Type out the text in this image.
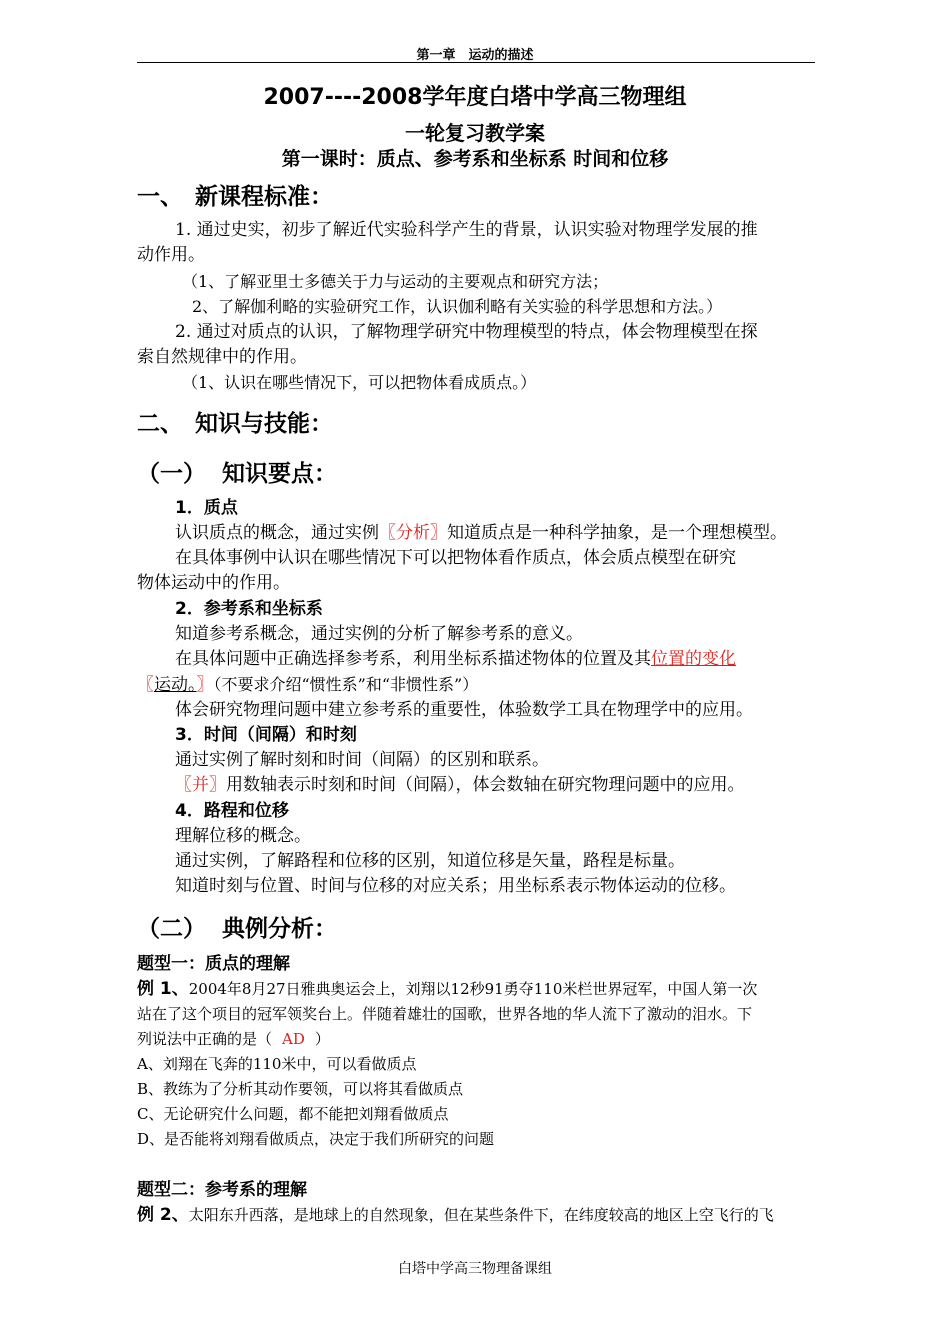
第一章　运动的描述
2007----2008学年度白塔中学高三物理组
一轮复习教学案
第一课时：质点、参考系和坐标系 时间和位移
一、 新课程标准：
1. 通过史实，初步了解近代实验科学产生的背景，认识实验对物理学发展的推
动作用。
（1、了解亚里士多德关于力与运动的主要观点和研究方法；
2、了解伽利略的实验研究工作，认识伽利略有关实验的科学思想和方法。）
2. 通过对质点的认识，了解物理学研究中物理模型的特点，体会物理模型在探
索自然规律中的作用。
（1、认识在哪些情况下，可以把物体看成质点。）
二、 知识与技能：
（一） 知识要点：
1．质点
认识质点的概念，通过实例〖分析〗知道质点是一种科学抽象，是一个理想模型。
在具体事例中认识在哪些情况下可以把物体看作质点，体会质点模型在研究
物体运动中的作用。
2．参考系和坐标系
知道参考系概念，通过实例的分析了解参考系的意义。
在具体问题中正确选择参考系，利用坐标系描述物体的位置及其位置的变化
〖运动。〗（不要求介绍“惯性系”和“非惯性系”）
体会研究物理问题中建立参考系的重要性，体验数学工具在物理学中的应用。
3．时间（间隔）和时刻
通过实例了解时刻和时间（间隔）的区别和联系。
〖并〗用数轴表示时刻和时间（间隔），体会数轴在研究物理问题中的应用。
4．路程和位移
理解位移的概念。
通过实例，了解路程和位移的区别，知道位移是矢量，路程是标量。
知道时刻与位置、时间与位移的对应关系；用坐标系表示物体运动的位移。
（二） 典例分析：
题型一：质点的理解
例 1、2004年8月27日雅典奥运会上，刘翔以12秒91勇夺110米栏世界冠军，中国人第一次
站在了这个项目的冠军领奖台上。伴随着雄壮的国歌，世界各地的华人流下了激动的泪水。下
列说法中正确的是（ AD ）
A、刘翔在飞奔的110米中，可以看做质点
B、教练为了分析其动作要领，可以将其看做质点
C、无论研究什么问题，都不能把刘翔看做质点
D、是否能将刘翔看做质点，决定于我们所研究的问题
题型二：参考系的理解
例 2、太阳东升西落，是地球上的自然现象，但在某些条件下，在纬度较高的地区上空飞行的飞
白塔中学高三物理备课组
